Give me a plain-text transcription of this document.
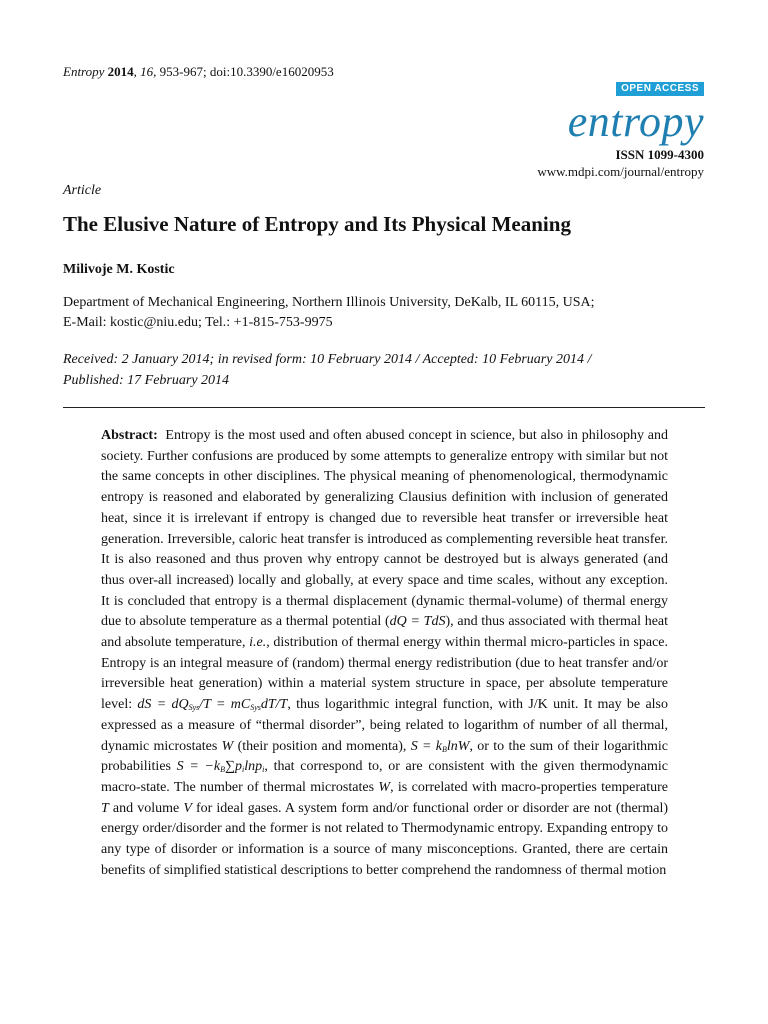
Entropy 2014, 16, 953-967; doi:10.3390/e16020953
OPEN ACCESS
entropy
ISSN 1099-4300
www.mdpi.com/journal/entropy
Article
The Elusive Nature of Entropy and Its Physical Meaning
Milivoje M. Kostic
Department of Mechanical Engineering, Northern Illinois University, DeKalb, IL 60115, USA;
E-Mail: kostic@niu.edu; Tel.: +1-815-753-9975
Received: 2 January 2014; in revised form: 10 February 2014 / Accepted: 10 February 2014 /
Published: 17 February 2014
Abstract: Entropy is the most used and often abused concept in science, but also in philosophy and society. Further confusions are produced by some attempts to generalize entropy with similar but not the same concepts in other disciplines. The physical meaning of phenomenological, thermodynamic entropy is reasoned and elaborated by generalizing Clausius definition with inclusion of generated heat, since it is irrelevant if entropy is changed due to reversible heat transfer or irreversible heat generation. Irreversible, caloric heat transfer is introduced as complementing reversible heat transfer. It is also reasoned and thus proven why entropy cannot be destroyed but is always generated (and thus over-all increased) locally and globally, at every space and time scales, without any exception. It is concluded that entropy is a thermal displacement (dynamic thermal-volume) of thermal energy due to absolute temperature as a thermal potential (dQ = TdS), and thus associated with thermal heat and absolute temperature, i.e., distribution of thermal energy within thermal micro-particles in space. Entropy is an integral measure of (random) thermal energy redistribution (due to heat transfer and/or irreversible heat generation) within a material system structure in space, per absolute temperature level: dS = $dQ_{Sys}/T = mC_{Sys}dT/T$, thus logarithmic integral function, with J/K unit. It may be also expressed as a measure of “thermal disorder”, being related to logarithm of number of all thermal, dynamic microstates W (their position and momenta), $S = k_B\ln W$, or to the sum of their logarithmic probabilities $S = -k_B\sum p_i\ln p_i$, that correspond to, or are consistent with the given thermodynamic macro-state. The number of thermal microstates W, is correlated with macro-properties temperature T and volume V for ideal gases. A system form and/or functional order or disorder are not (thermal) energy order/disorder and the former is not related to Thermodynamic entropy. Expanding entropy to any type of disorder or information is a source of many misconceptions. Granted, there are certain benefits of simplified statistical descriptions to better comprehend the randomness of thermal motion
